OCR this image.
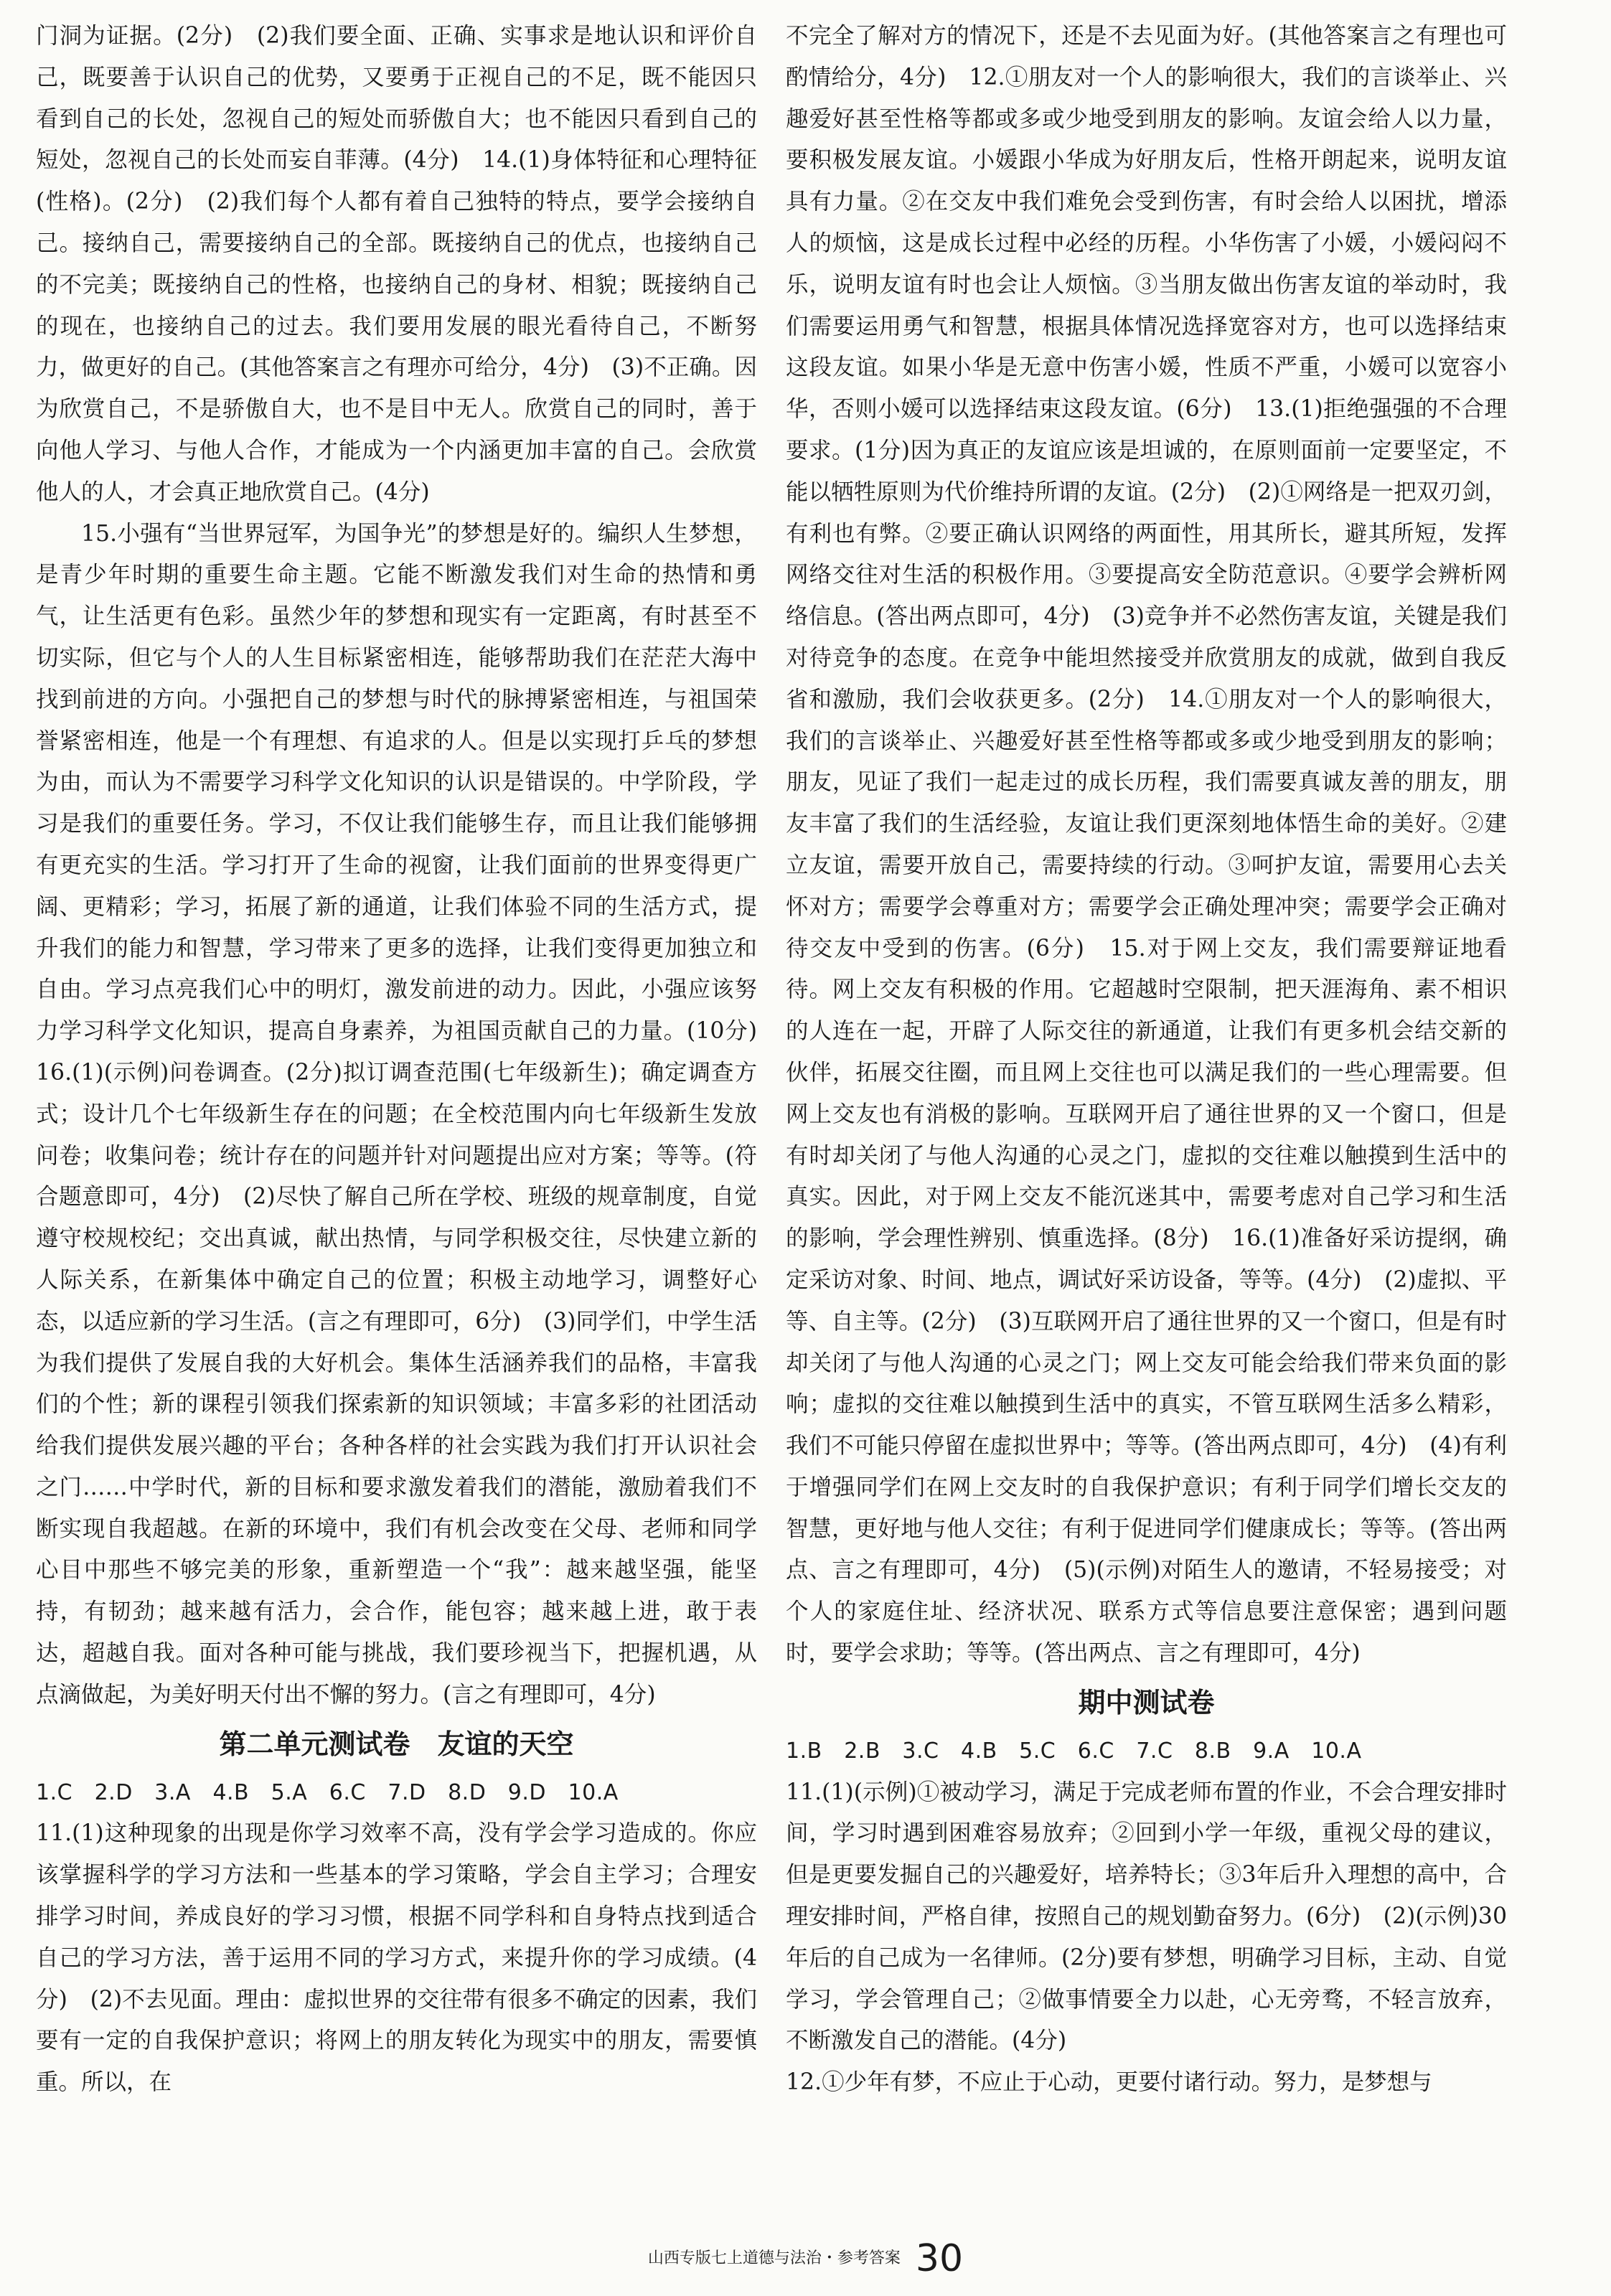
门洞为证据。(2分)　(2)我们要全面、正确、实事求是地认识和评价自己，既要善于认识自己的优势，又要勇于正视自己的不足，既不能因只看到自己的长处，忽视自己的短处而骄傲自大；也不能因只看到自己的短处，忽视自己的长处而妄自菲薄。(4分)　14.(1)身体特征和心理特征(性格)。(2分)　(2)我们每个人都有着自己独特的特点，要学会接纳自己。接纳自己，需要接纳自己的全部。既接纳自己的优点，也接纳自己的不完美；既接纳自己的性格，也接纳自己的身材、相貌；既接纳自己的现在，也接纳自己的过去。我们要用发展的眼光看待自己，不断努力，做更好的自己。(其他答案言之有理亦可给分，4分)　(3)不正确。因为欣赏自己，不是骄傲自大，也不是目中无人。欣赏自己的同时，善于向他人学习、与他人合作，才能成为一个内涵更加丰富的自己。会欣赏他人的人，才会真正地欣赏自己。(4分)

15.小强有“当世界冠军，为国争光”的梦想是好的。编织人生梦想，是青少年时期的重要生命主题。它能不断激发我们对生命的热情和勇气，让生活更有色彩。虽然少年的梦想和现实有一定距离，有时甚至不切实际，但它与个人的人生目标紧密相连，能够帮助我们在茫茫大海中找到前进的方向。小强把自己的梦想与时代的脉搏紧密相连，与祖国荣誉紧密相连，他是一个有理想、有追求的人。但是以实现打乒乓的梦想为由，而认为不需要学习科学文化知识的认识是错误的。中学阶段，学习是我们的重要任务。学习，不仅让我们能够生存，而且让我们能够拥有更充实的生活。学习打开了生命的视窗，让我们面前的世界变得更广阔、更精彩；学习，拓展了新的通道，让我们体验不同的生活方式，提升我们的能力和智慧，学习带来了更多的选择，让我们变得更加独立和自由。学习点亮我们心中的明灯，激发前进的动力。因此，小强应该努力学习科学文化知识，提高自身素养，为祖国贡献自己的力量。(10分)　16.(1)(示例)问卷调查。(2分)拟订调查范围(七年级新生)；确定调查方式；设计几个七年级新生存在的问题；在全校范围内向七年级新生发放问卷；收集问卷；统计存在的问题并针对问题提出应对方案；等等。(符合题意即可，4分)　(2)尽快了解自己所在学校、班级的规章制度，自觉遵守校规校纪；交出真诚，献出热情，与同学积极交往，尽快建立新的人际关系，在新集体中确定自己的位置；积极主动地学习，调整好心态，以适应新的学习生活。(言之有理即可，6分)　(3)同学们，中学生活为我们提供了发展自我的大好机会。集体生活涵养我们的品格，丰富我们的个性；新的课程引领我们探索新的知识领域；丰富多彩的社团活动给我们提供发展兴趣的平台；各种各样的社会实践为我们打开认识社会之门……中学时代，新的目标和要求激发着我们的潜能，激励着我们不断实现自我超越。在新的环境中，我们有机会改变在父母、老师和同学心目中那些不够完美的形象，重新塑造一个“我”：越来越坚强，能坚持，有韧劲；越来越有活力，会合作，能包容；越来越上进，敢于表达，超越自我。面对各种可能与挑战，我们要珍视当下，把握机遇，从点滴做起，为美好明天付出不懈的努力。(言之有理即可，4分)

第二单元测试卷　友谊的天空

1.C　2.D　3.A　4.B　5.A　6.C　7.D　8.D　9.D　10.A

11.(1)这种现象的出现是你学习效率不高，没有学会学习造成的。你应该掌握科学的学习方法和一些基本的学习策略，学会自主学习；合理安排学习时间，养成良好的学习习惯，根据不同学科和自身特点找到适合自己的学习方法，善于运用不同的学习方式，来提升你的学习成绩。(4分)　(2)不去见面。理由：虚拟世界的交往带有很多不确定的因素，我们要有一定的自我保护意识；将网上的朋友转化为现实中的朋友，需要慎重。所以，在

不完全了解对方的情况下，还是不去见面为好。(其他答案言之有理也可酌情给分，4分)　12.①朋友对一个人的影响很大，我们的言谈举止、兴趣爱好甚至性格等都或多或少地受到朋友的影响。友谊会给人以力量，要积极发展友谊。小媛跟小华成为好朋友后，性格开朗起来，说明友谊具有力量。②在交友中我们难免会受到伤害，有时会给人以困扰，增添人的烦恼，这是成长过程中必经的历程。小华伤害了小媛，小媛闷闷不乐，说明友谊有时也会让人烦恼。③当朋友做出伤害友谊的举动时，我们需要运用勇气和智慧，根据具体情况选择宽容对方，也可以选择结束这段友谊。如果小华是无意中伤害小媛，性质不严重，小媛可以宽容小华，否则小媛可以选择结束这段友谊。(6分)　13.(1)拒绝强强的不合理要求。(1分)因为真正的友谊应该是坦诚的，在原则面前一定要坚定，不能以牺牲原则为代价维持所谓的友谊。(2分)　(2)①网络是一把双刃剑，有利也有弊。②要正确认识网络的两面性，用其所长，避其所短，发挥网络交往对生活的积极作用。③要提高安全防范意识。④要学会辨析网络信息。(答出两点即可，4分)　(3)竞争并不必然伤害友谊，关键是我们对待竞争的态度。在竞争中能坦然接受并欣赏朋友的成就，做到自我反省和激励，我们会收获更多。(2分)　14.①朋友对一个人的影响很大，我们的言谈举止、兴趣爱好甚至性格等都或多或少地受到朋友的影响；朋友，见证了我们一起走过的成长历程，我们需要真诚友善的朋友，朋友丰富了我们的生活经验，友谊让我们更深刻地体悟生命的美好。②建立友谊，需要开放自己，需要持续的行动。③呵护友谊，需要用心去关怀对方；需要学会尊重对方；需要学会正确处理冲突；需要学会正确对待交友中受到的伤害。(6分)　15.对于网上交友，我们需要辩证地看待。网上交友有积极的作用。它超越时空限制，把天涯海角、素不相识的人连在一起，开辟了人际交往的新通道，让我们有更多机会结交新的伙伴，拓展交往圈，而且网上交往也可以满足我们的一些心理需要。但网上交友也有消极的影响。互联网开启了通往世界的又一个窗口，但是有时却关闭了与他人沟通的心灵之门，虚拟的交往难以触摸到生活中的真实。因此，对于网上交友不能沉迷其中，需要考虑对自己学习和生活的影响，学会理性辨别、慎重选择。(8分)　16.(1)准备好采访提纲，确定采访对象、时间、地点，调试好采访设备，等等。(4分)　(2)虚拟、平等、自主等。(2分)　(3)互联网开启了通往世界的又一个窗口，但是有时却关闭了与他人沟通的心灵之门；网上交友可能会给我们带来负面的影响；虚拟的交往难以触摸到生活中的真实，不管互联网生活多么精彩，我们不可能只停留在虚拟世界中；等等。(答出两点即可，4分)　(4)有利于增强同学们在网上交友时的自我保护意识；有利于同学们增长交友的智慧，更好地与他人交往；有利于促进同学们健康成长；等等。(答出两点、言之有理即可，4分)　(5)(示例)对陌生人的邀请，不轻易接受；对个人的家庭住址、经济状况、联系方式等信息要注意保密；遇到问题时，要学会求助；等等。(答出两点、言之有理即可，4分)

期中测试卷

1.B　2.B　3.C　4.B　5.C　6.C　7.C　8.B　9.A　10.A

11.(1)(示例)①被动学习，满足于完成老师布置的作业，不会合理安排时间，学习时遇到困难容易放弃；②回到小学一年级，重视父母的建议，但是更要发掘自己的兴趣爱好，培养特长；③3年后升入理想的高中，合理安排时间，严格自律，按照自己的规划勤奋努力。(6分)　(2)(示例)30年后的自己成为一名律师。(2分)要有梦想，明确学习目标，主动、自觉学习，学会管理自己；②做事情要全力以赴，心无旁骛，不轻言放弃，不断激发自己的潜能。(4分)

12.①少年有梦，不应止于心动，更要付诸行动。努力，是梦想与

山西专版七上道德与法治・参考答案 30
